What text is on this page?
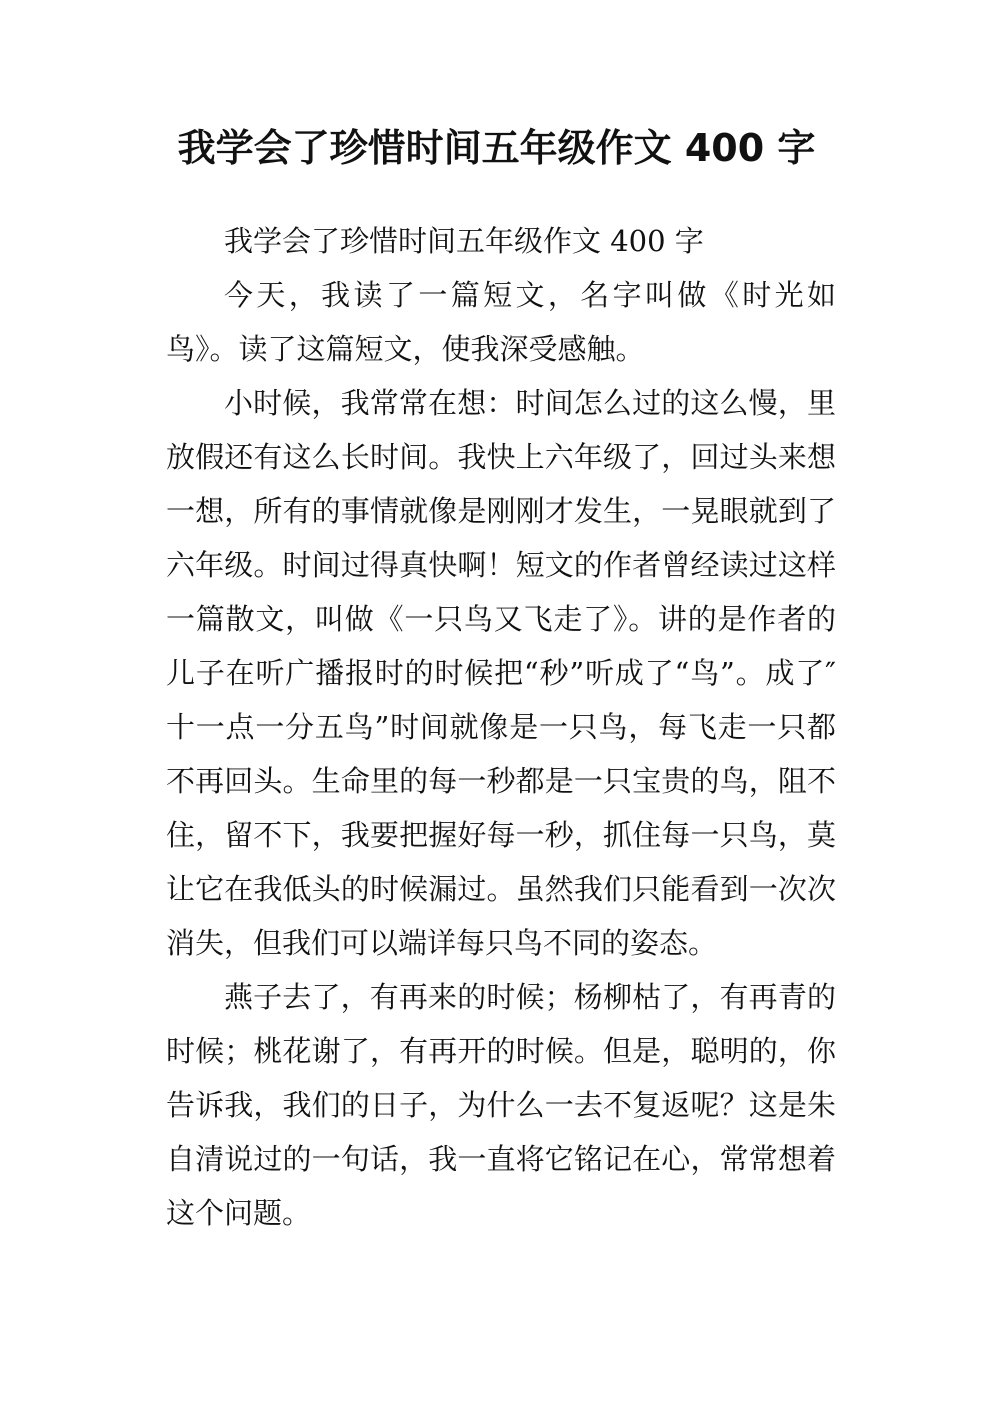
我学会了珍惜时间五年级作文 400 字

我学会了珍惜时间五年级作文 400 字

今天，我读了一篇短文，名字叫做《时光如鸟》。读了这篇短文，使我深受感触。

小时候，我常常在想：时间怎么过的这么慢，里放假还有这么长时间。我快上六年级了，回过头来想一想，所有的事情就像是刚刚才发生，一晃眼就到了六年级。时间过得真快啊！短文的作者曾经读过这样一篇散文，叫做《一只鸟又飞走了》。讲的是作者的儿子在听广播报时的时候把“秒”听成了“鸟”。成了″十一点一分五鸟”时间就像是一只鸟，每飞走一只都不再回头。生命里的每一秒都是一只宝贵的鸟，阻不住，留不下，我要把握好每一秒，抓住每一只鸟，莫让它在我低头的时候漏过。虽然我们只能看到一次次消失，但我们可以端详每只鸟不同的姿态。

燕子去了，有再来的时候；杨柳枯了，有再青的时候；桃花谢了，有再开的时候。但是，聪明的，你告诉我，我们的日子，为什么一去不复返呢？这是朱自清说过的一句话，我一直将它铭记在心，常常想着这个问题。
